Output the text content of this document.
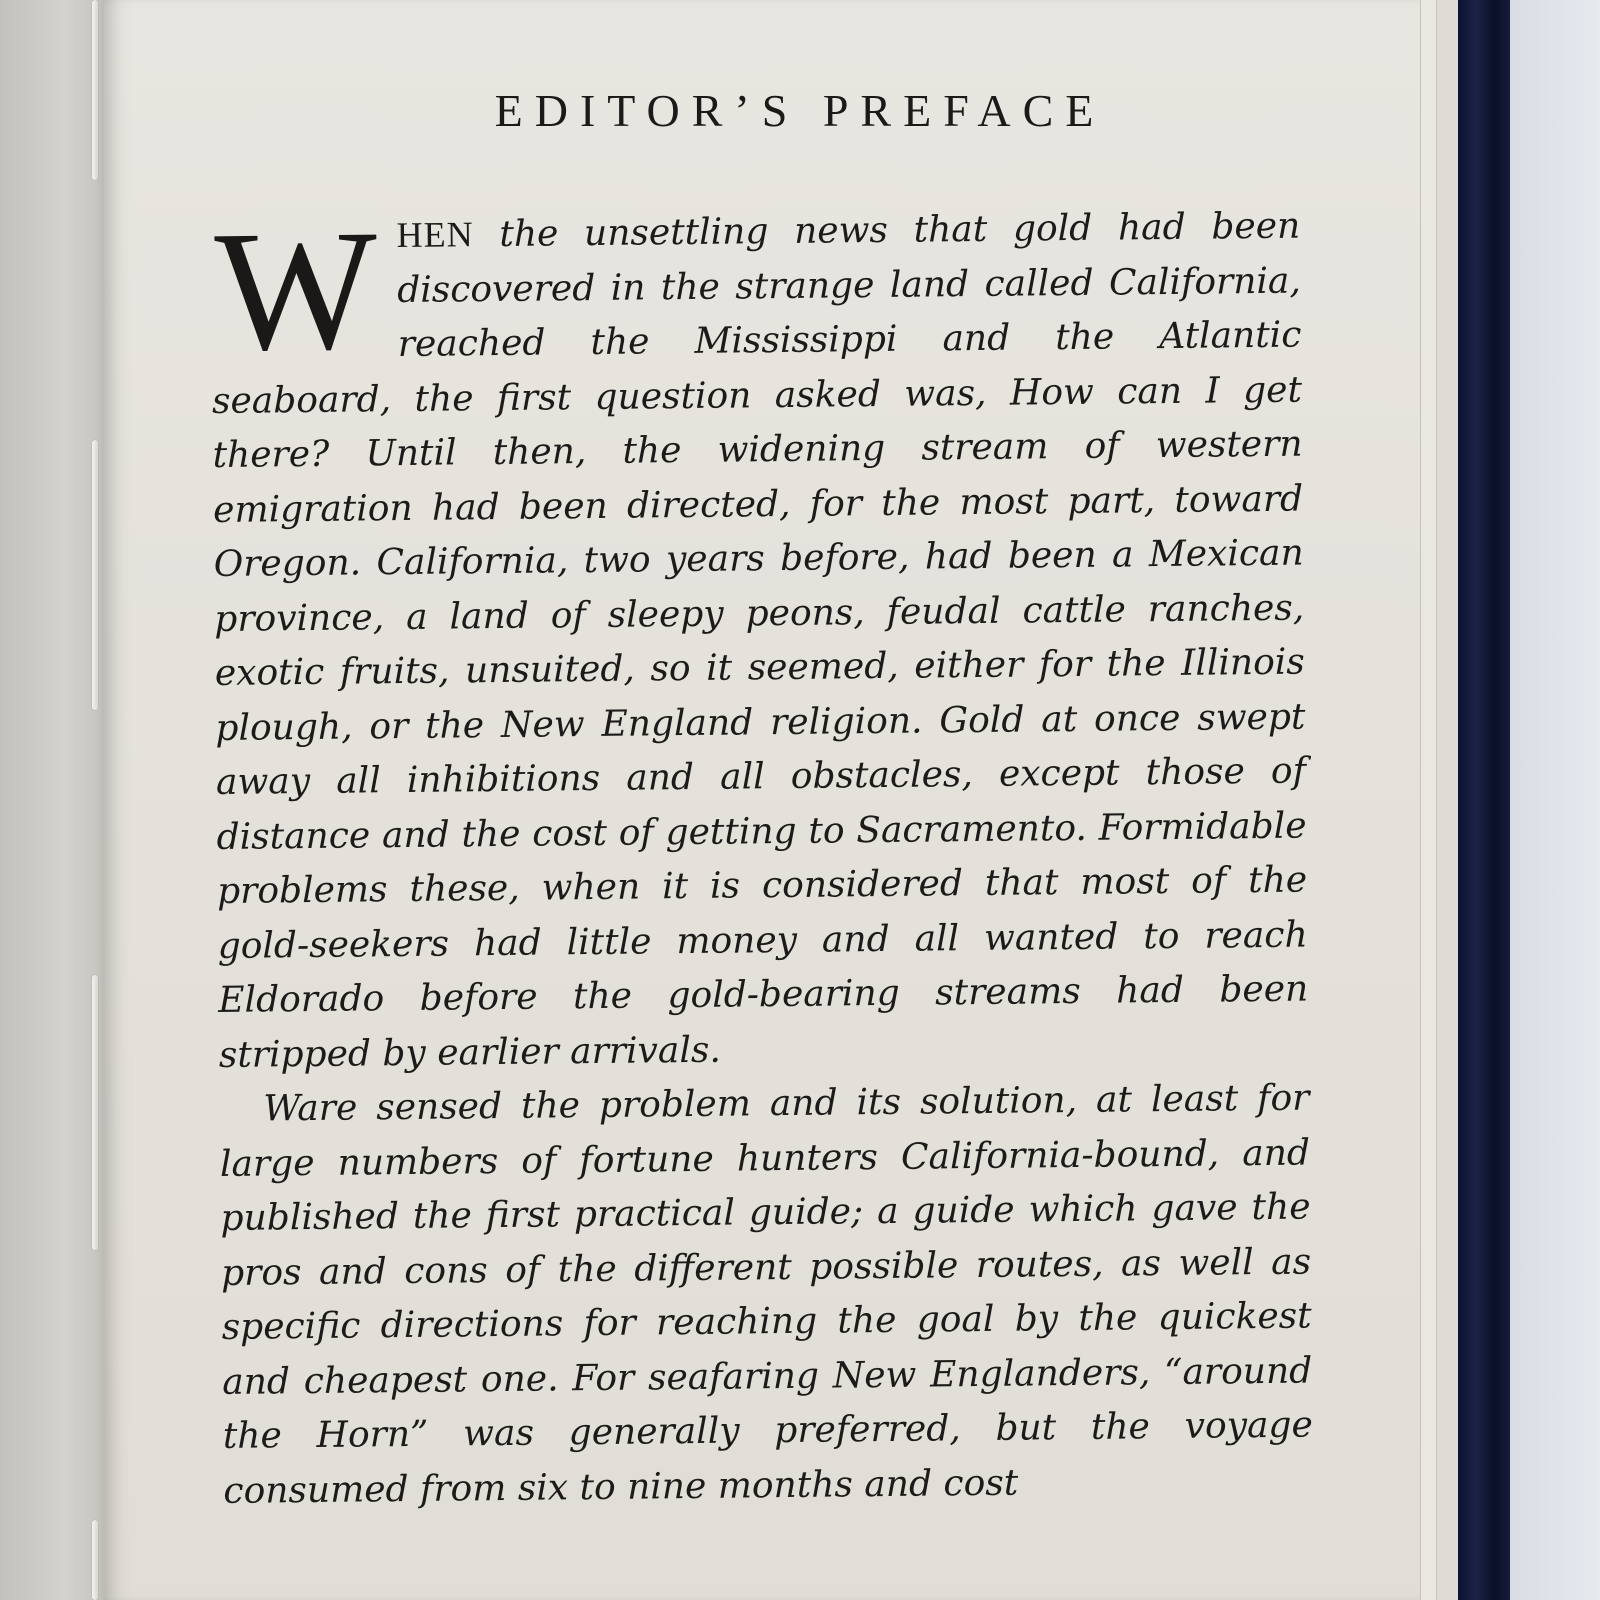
EDITOR’S PREFACE

WHEN the unsettling news that gold had been discovered in the strange land called California, reached the Mississippi and the Atlantic seaboard, the first question asked was, How can I get there? Until then, the widening stream of western emigration had been directed, for the most part, toward Oregon. California, two years before, had been a Mexican province, a land of sleepy peons, feudal cattle ranches, exotic fruits, unsuited, so it seemed, either for the Illinois plough, or the New England religion. Gold at once swept away all inhibitions and all obstacles, except those of distance and the cost of getting to Sacramento. Formidable problems these, when it is considered that most of the gold-seekers had little money and all wanted to reach Eldorado before the gold-bearing streams had been stripped by earlier arrivals.

Ware sensed the problem and its solution, at least for large numbers of fortune hunters California-bound, and published the first practical guide; a guide which gave the pros and cons of the different possible routes, as well as specific directions for reaching the goal by the quickest and cheapest one. For seafaring New Englanders, “around the Horn” was generally preferred, but the voyage consumed from six to nine months and cost
